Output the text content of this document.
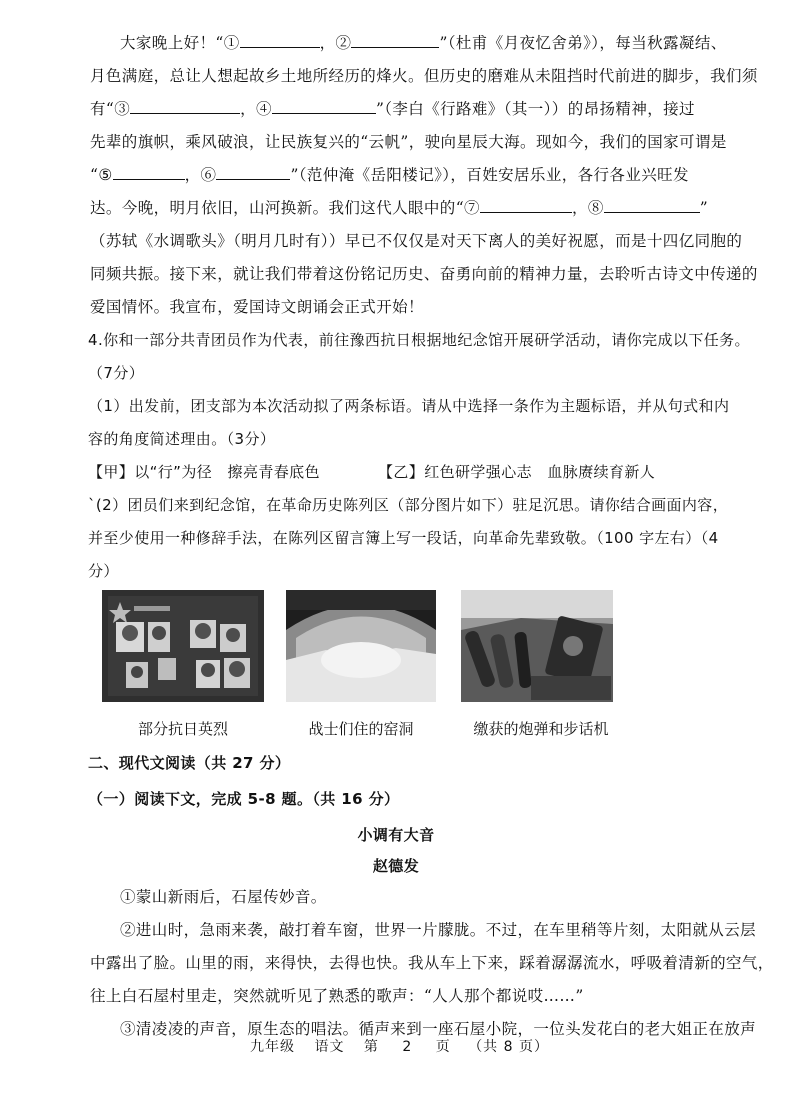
大家晚上好！“①	，②	”（杜甫《月夜忆舍弟》），每当秋露凝结、
月色满庭，总让人想起故乡土地所经历的烽火。但历史的磨难从未阻挡时代前进的脚步，我们须
有“③	，④	”（李白《行路难》（其一））的昂扬精神，接过
先辈的旗帜，乘风破浪，让民族复兴的“云帆”，驶向星辰大海。现如今，我们的国家可谓是
“⑤	，⑥	”（范仲淹《岳阳楼记》），百姓安居乐业，各行各业兴旺发
达。今晚，明月依旧，山河换新。我们这代人眼中的“⑦	，⑧	”
（苏轼《水调歌头》（明月几时有））早已不仅仅是对天下离人的美好祝愿，而是十四亿同胞的
同频共振。接下来，就让我们带着这份铭记历史、奋勇向前的精神力量，去聆听古诗文中传递的
爱国情怀。我宣布，爱国诗文朗诵会正式开始！
4.你和一部分共青团员作为代表，前往豫西抗日根据地纪念馆开展研学活动，请你完成以下任务。
（7分）
（1）出发前，团支部为本次活动拟了两条标语。请从中选择一条作为主题标语，并从句式和内
容的角度简述理由。（3分）
【甲】以“行”为径　擦亮青春底色	【乙】红色研学强心志　血脉赓续育新人
`(2）团员们来到纪念馆，在革命历史陈列区（部分图片如下）驻足沉思。请你结合画面内容，
并至少使用一种修辞手法，在陈列区留言簿上写一段话，向革命先辈致敬。（100 字左右）（4
分）
部分抗日英烈	战士们住的窑洞	缴获的炮弹和步话机
二、现代文阅读（共 27 分）
（一）阅读下文，完成 5-8 题。（共 16 分）
小调有大音
赵德发
①蒙山新雨后，石屋传妙音。
②进山时，急雨来袭，敲打着车窗，世界一片朦胧。不过，在车里稍等片刻，太阳就从云层
中露出了脸。山里的雨，来得快，去得也快。我从车上下来，踩着潺潺流水，呼吸着清新的空气，
往上白石屋村里走，突然就听见了熟悉的歌声：“人人那个都说哎……”
③清凌凌的声音，原生态的唱法。循声来到一座石屋小院，一位头发花白的老大姐正在放声
九年级 语文 第 2 页 （共 8 页）
